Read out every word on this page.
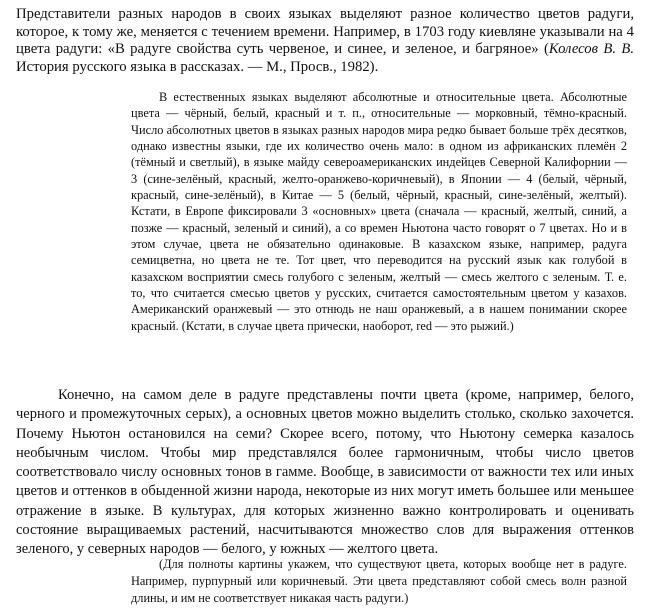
Представители разных народов в своих языках выделяют разное количество цветов радуги, которое, к тому же, меняется с течением времени. Например, в 1703 году киевляне указывали на 4 цвета радуги: «В радуге свойства суть червеное, и синее, и зеленое, и багряное» (Колесов В. В. История русского языка в рассказах. — М., Просв., 1982).

В естественных языках выделяют абсолютные и относительные цвета. Абсолютные цвета — чёрный, белый, красный и т. п., относительные — морковный, тёмно-красный. Число абсолютных цветов в языках разных народов мира редко бывает больше трёх десятков, однако известны языки, где их количество очень мало: в одном из африканских племён 2 (тёмный и светлый), в языке майду североамериканских индейцев Северной Калифорнии — 3 (сине-зелёный, красный, желто-оранжево-коричневый), в Японии — 4 (белый, чёрный, красный, сине-зелёный), в Китае — 5 (белый, чёрный, красный, сине-зелёный, желтый). Кстати, в Европе фиксировали 3 «основных» цвета (сначала — красный, желтый, синий, а позже — красный, зеленый и синий), а со времен Ньютона часто говорят о 7 цветах. Но и в этом случае, цвета не обязательно одинаковые. В казахском языке, например, радуга семицветна, но цвета не те. Тот цвет, что переводится на русский язык как голубой в казахском восприятии смесь голубого с зеленым, желтый — смесь желтого с зеленым. Т. е. то, что считается смесью цветов у русских, считается самостоятельным цветом у казахов. Американский оранжевый — это отнюдь не наш оранжевый, а в нашем понимании скорее красный. (Кстати, в случае цвета прически, наоборот, red — это рыжий.)

Конечно, на самом деле в радуге представлены почти цвета (кроме, например, белого, черного и промежуточных серых), а основных цветов можно выделить столько, сколько захочется. Почему Ньютон остановился на семи? Скорее всего, потому, что Ньютону семерка казалось необычным числом. Чтобы мир представлялся более гармоничным, чтобы число цветов соответствовало числу основных тонов в гамме. Вообще, в зависимости от важности тех или иных цветов и оттенков в обыденной жизни народа, некоторые из них могут иметь большее или меньшее отражение в языке. В культурах, для которых жизненно важно контролировать и оценивать состояние выращиваемых растений, насчитываются множество слов для выражения оттенков зеленого, у северных народов — белого, у южных — желтого цвета.

(Для полноты картины укажем, что существуют цвета, которых вообще нет в радуге. Например, пурпурный или коричневый. Эти цвета представляют собой смесь волн разной длины, и им не соответствует никакая часть радуги.)
